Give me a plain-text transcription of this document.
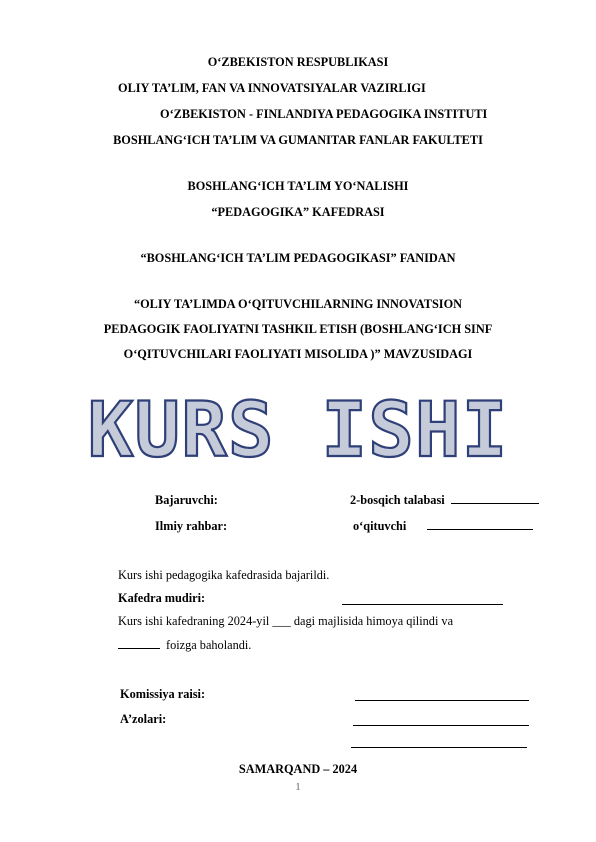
O‘ZBEKISTON RESPUBLIKASI
OLIY TA’LIM, FAN VA INNOVATSIYALAR VAZIRLIGI
O‘ZBEKISTON - FINLANDIYA PEDAGOGIKA INSTITUTI
BOSHLANG‘ICH TA’LIM VA GUMANITAR FANLAR FAKULTETI
BOSHLANG‘ICH TA’LIM YO‘NALISHI
“PEDAGOGIKA” KAFEDRASI
“BOSHLANG‘ICH TA’LIM PEDAGOGIKASI” FANIDAN
“OLIY TA’LIMDA O‘QITUVCHILARNING INNOVATSION
PEDAGOGIK FAOLIYATNI TASHKIL ETISH (BOSHLANG‘ICH SINF
O‘QITUVCHILARI FAOLIYATI MISOLIDA )” MAVZUSIDAGI
KURS ISHI
Bajaruvchi:	2-bosqich talabasi
Ilmiy rahbar:	o‘qituvchi
Kurs ishi pedagogika kafedrasida bajarildi.
Kafedra mudiri:
Kurs ishi kafedraning 2024-yil ___ dagi majlisida himoya qilindi va
foizga baholandi.
Komissiya raisi:
A’zolari:
SAMARQAND – 2024
1
